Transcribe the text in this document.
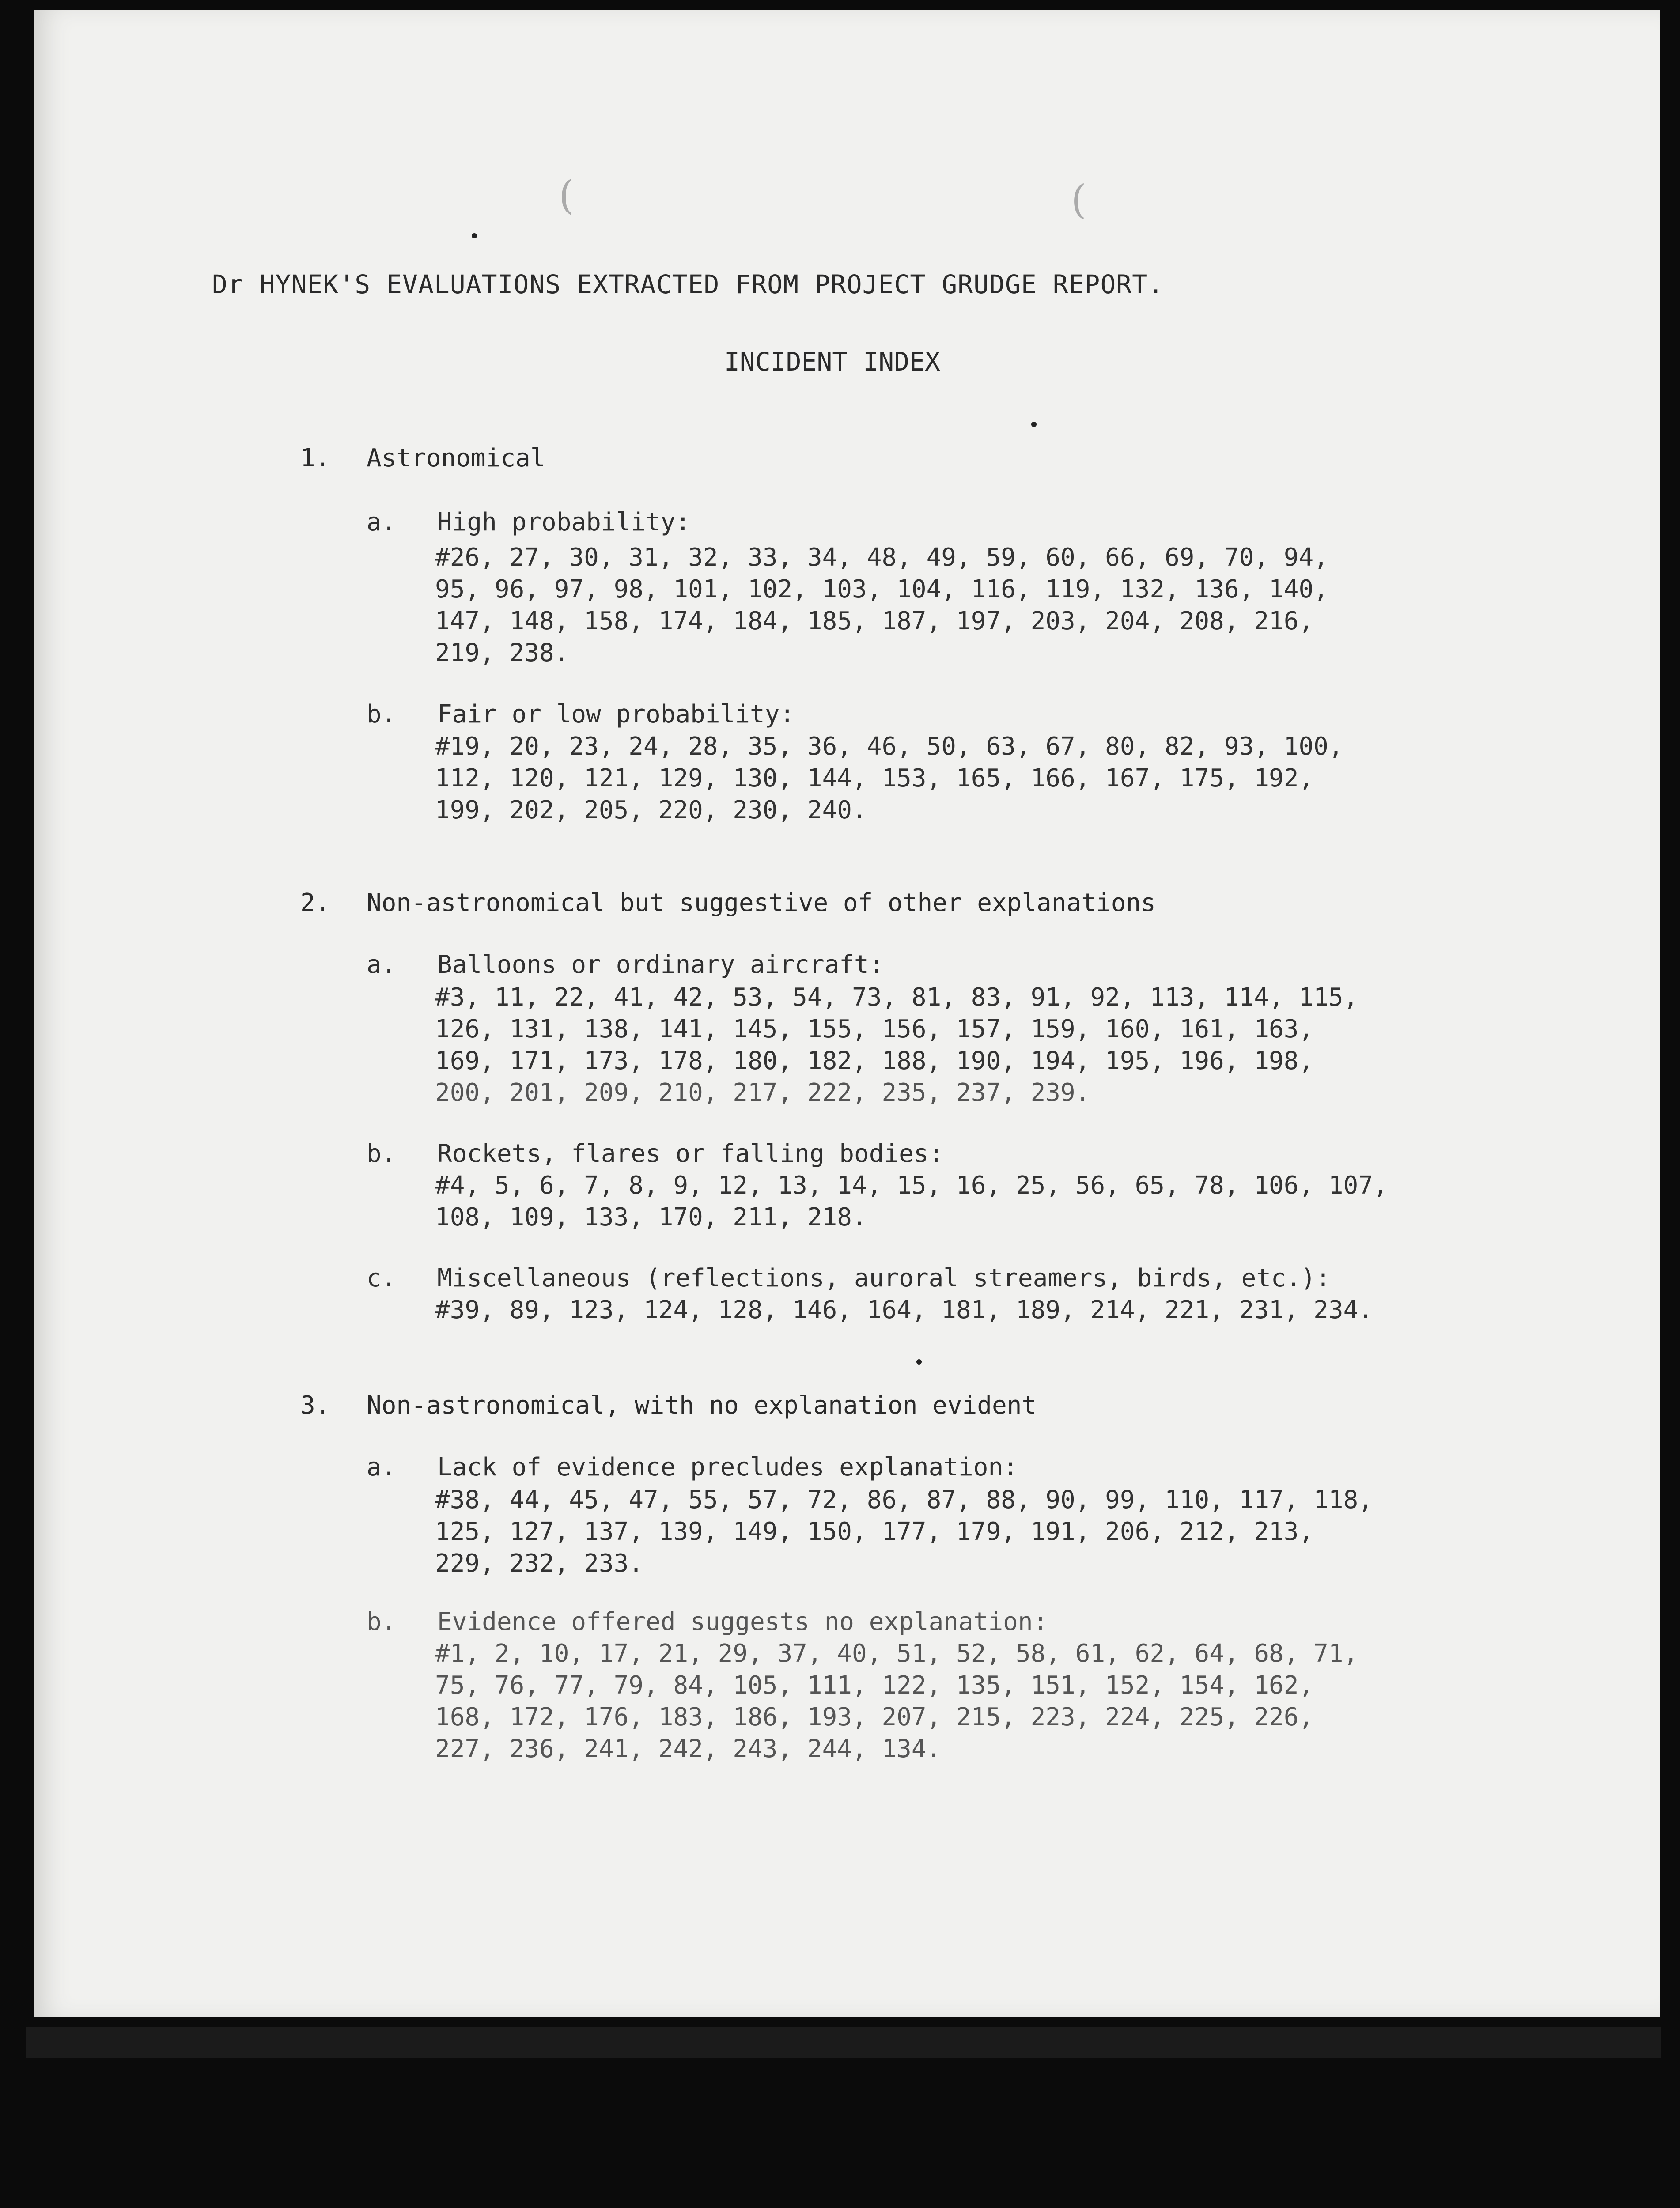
(	(
Dr HYNEK'S EVALUATIONS EXTRACTED FROM PROJECT GRUDGE REPORT.
INCIDENT INDEX
1. Astronomical
a. High probability:
#26, 27, 30, 31, 32, 33, 34, 48, 49, 59, 60, 66, 69, 70, 94,
95, 96, 97, 98, 101, 102, 103, 104, 116, 119, 132, 136, 140,
147, 148, 158, 174, 184, 185, 187, 197, 203, 204, 208, 216,
219, 238.
b. Fair or low probability:
#19, 20, 23, 24, 28, 35, 36, 46, 50, 63, 67, 80, 82, 93, 100,
112, 120, 121, 129, 130, 144, 153, 165, 166, 167, 175, 192,
199, 202, 205, 220, 230, 240.
2. Non-astronomical but suggestive of other explanations
a. Balloons or ordinary aircraft:
#3, 11, 22, 41, 42, 53, 54, 73, 81, 83, 91, 92, 113, 114, 115,
126, 131, 138, 141, 145, 155, 156, 157, 159, 160, 161, 163,
169, 171, 173, 178, 180, 182, 188, 190, 194, 195, 196, 198,
200, 201, 209, 210, 217, 222, 235, 237, 239.
b. Rockets, flares or falling bodies:
#4, 5, 6, 7, 8, 9, 12, 13, 14, 15, 16, 25, 56, 65, 78, 106, 107,
108, 109, 133, 170, 211, 218.
c. Miscellaneous (reflections, auroral streamers, birds, etc.):
#39, 89, 123, 124, 128, 146, 164, 181, 189, 214, 221, 231, 234.
3. Non-astronomical, with no explanation evident
a. Lack of evidence precludes explanation:
#38, 44, 45, 47, 55, 57, 72, 86, 87, 88, 90, 99, 110, 117, 118,
125, 127, 137, 139, 149, 150, 177, 179, 191, 206, 212, 213,
229, 232, 233.
b. Evidence offered suggests no explanation:
#1, 2, 10, 17, 21, 29, 37, 40, 51, 52, 58, 61, 62, 64, 68, 71,
75, 76, 77, 79, 84, 105, 111, 122, 135, 151, 152, 154, 162,
168, 172, 176, 183, 186, 193, 207, 215, 223, 224, 225, 226,
227, 236, 241, 242, 243, 244, 134.
